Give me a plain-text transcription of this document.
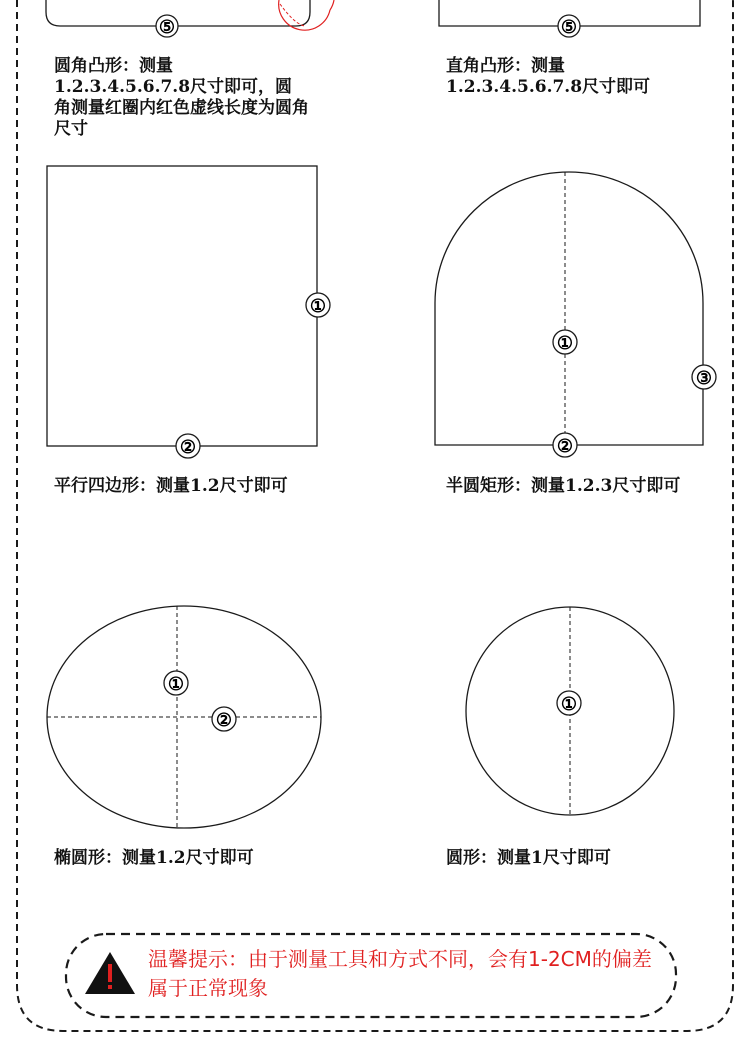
⑤	⑤
①
②
①
②
③
①
②
①

圆角凸形：测量1.2.3.4.5.6.7.8尺寸即可，圆角测量红圈内红色虚线长度为圆角尺寸

直角凸形：测量1.2.3.4.5.6.7.8尺寸即可

平行四边形：测量1.2尺寸即可	半圆矩形：测量1.2.3尺寸即可

椭圆形：测量1.2尺寸即可	圆形：测量1尺寸即可

温馨提示：由于测量工具和方式不同，会有1-2CM的偏差属于正常现象
